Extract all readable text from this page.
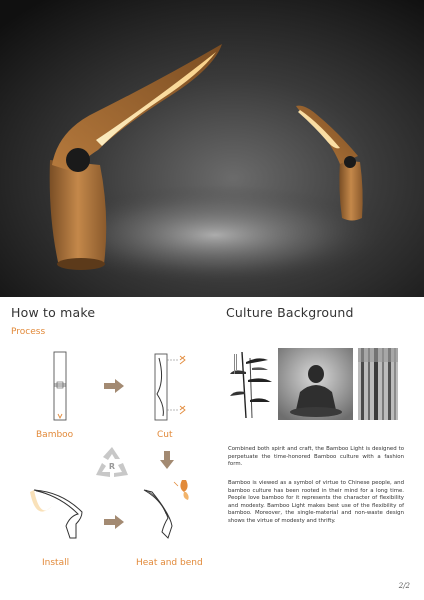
How to make	Culture Background
Process
Bamboo	Cut
R
Install	Heat and bend

Combined both spirit and craft, the Bamboo Light is designed to perpetuate the time-honored Bamboo culture with a fashion form.

Bamboo is viewed as a symbol of virtue to Chinese people, and bamboo culture has been rooted in their mind for a long time. People love bamboo for it represents the character of flexibility and modesty. Bamboo Light makes best use of the flexibility of bamboo. Moreover, the single-material and non-waste design shows the virtue of modesty and thrifty.

2/2
